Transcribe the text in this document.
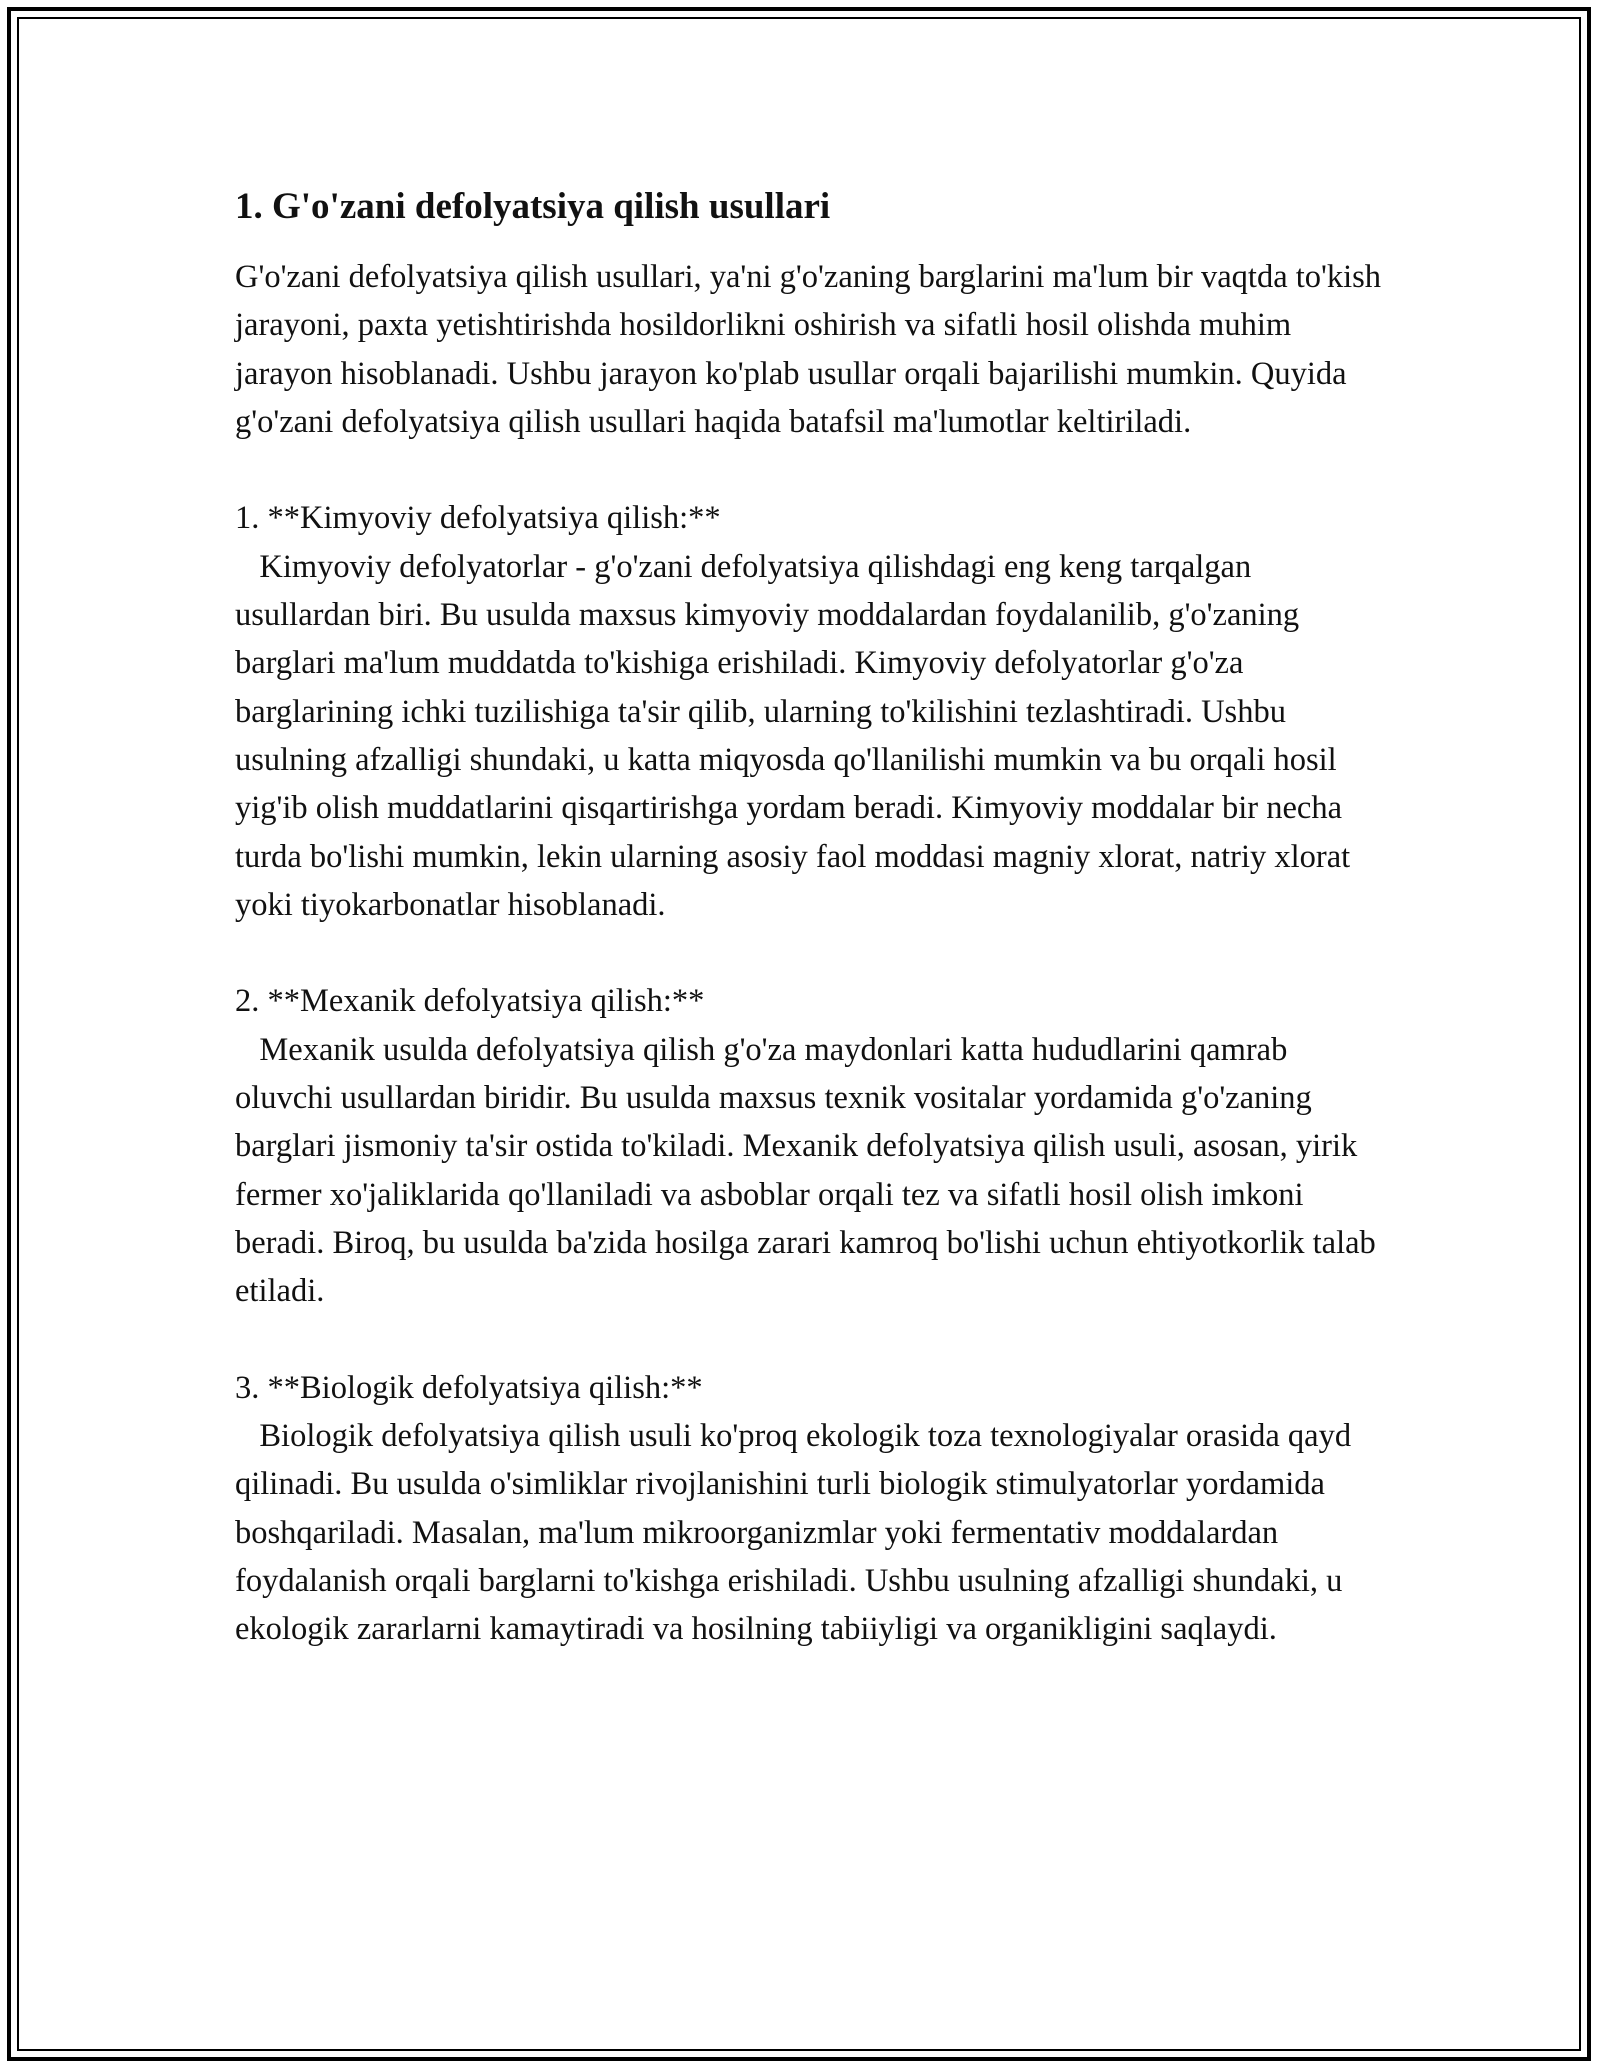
1. G'o'zani defolyatsiya qilish usullari

G'o'zani defolyatsiya qilish usullari, ya'ni g'o'zaning barglarini ma'lum bir vaqtda to'kish jarayoni, paxta yetishtirishda hosildorlikni oshirish va sifatli hosil olishda muhim jarayon hisoblanadi. Ushbu jarayon ko'plab usullar orqali bajarilishi mumkin. Quyida g'o'zani defolyatsiya qilish usullari haqida batafsil ma'lumotlar keltiriladi.

1. **Kimyoviy defolyatsiya qilish:**

Kimyoviy defolyatorlar - g'o'zani defolyatsiya qilishdagi eng keng tarqalgan usullardan biri. Bu usulda maxsus kimyoviy moddalardan foydalanilib, g'o'zaning barglari ma'lum muddatda to'kishiga erishiladi. Kimyoviy defolyatorlar g'o'za barglarining ichki tuzilishiga ta'sir qilib, ularning to'kilishini tezlashtiradi. Ushbu usulning afzalligi shundaki, u katta miqyosda qo'llanilishi mumkin va bu orqali hosil yig'ib olish muddatlarini qisqartirishga yordam beradi. Kimyoviy moddalar bir necha turda bo'lishi mumkin, lekin ularning asosiy faol moddasi magniy xlorat, natriy xlorat yoki tiyokarbonatlar hisoblanadi.

2. **Mexanik defolyatsiya qilish:**

Mexanik usulda defolyatsiya qilish g'o'za maydonlari katta hududlarini qamrab oluvchi usullardan biridir. Bu usulda maxsus texnik vositalar yordamida g'o'zaning barglari jismoniy ta'sir ostida to'kiladi. Mexanik defolyatsiya qilish usuli, asosan, yirik fermer xo'jaliklarida qo'llaniladi va asboblar orqali tez va sifatli hosil olish imkoni beradi. Biroq, bu usulda ba'zida hosilga zarari kamroq bo'lishi uchun ehtiyotkorlik talab etiladi.

3. **Biologik defolyatsiya qilish:**

Biologik defolyatsiya qilish usuli ko'proq ekologik toza texnologiyalar orasida qayd qilinadi. Bu usulda o'simliklar rivojlanishini turli biologik stimulyatorlar yordamida boshqariladi. Masalan, ma'lum mikroorganizmlar yoki fermentativ moddalardan foydalanish orqali barglarni to'kishga erishiladi. Ushbu usulning afzalligi shundaki, u ekologik zararlarni kamaytiradi va hosilning tabiiyligi va organikligini saqlaydi.
